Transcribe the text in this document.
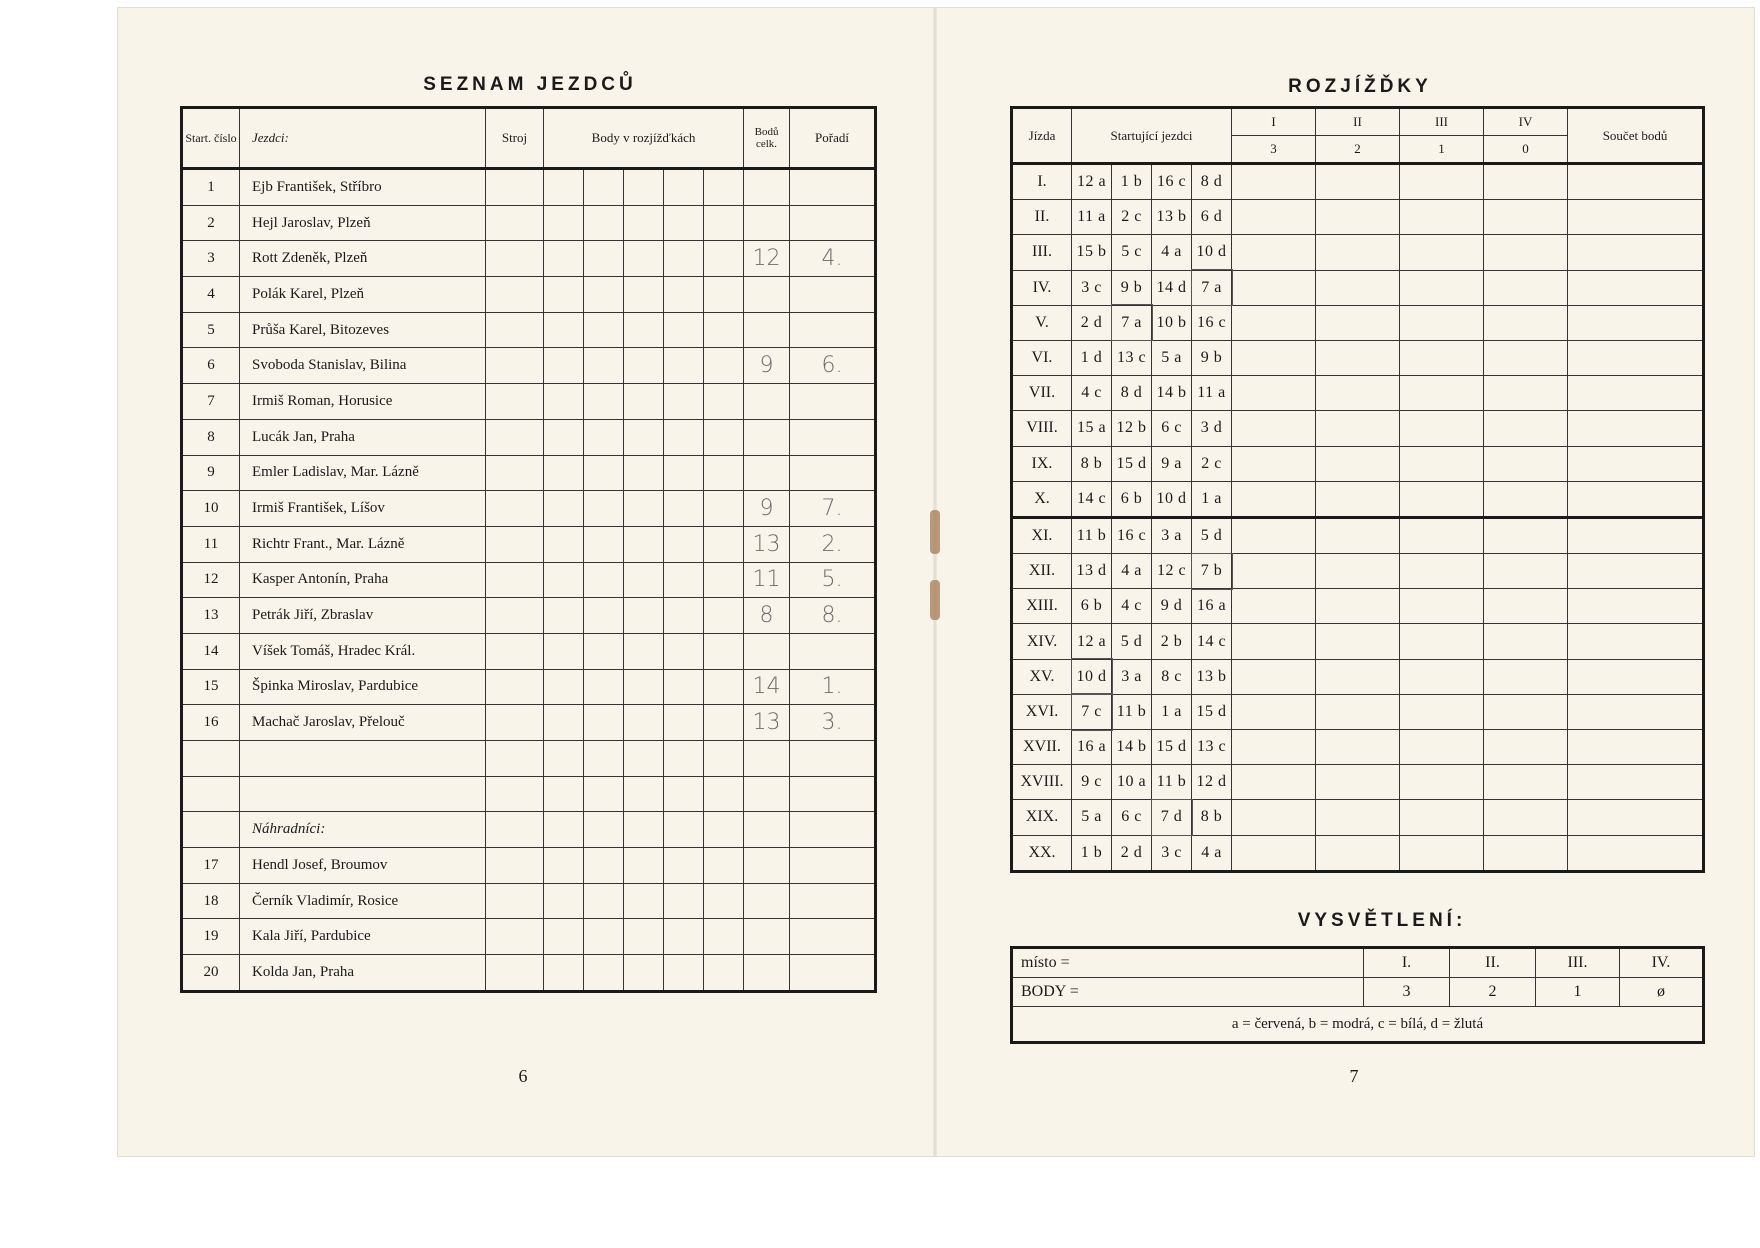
SEZNAM JEZDCŮ
Start. číslo	Jezdci:	Stroj	Body v rozjížďkách					Bodů celk.	Pořadí
1	Ejb František, Stříbro								
2	Hejl Jaroslav, Plzeň								
3	Rott Zdeněk, Plzeň							12	4.
4	Polák Karel, Plzeň								
5	Průša Karel, Bitozeves								
6	Svoboda Stanislav, Bilina							9	6.
7	Irmiš Roman, Horusice								
8	Lucák Jan, Praha								
9	Emler Ladislav, Mar. Lázně								
10	Irmiš František, Líšov							9	7.
11	Richtr Frant., Mar. Lázně							13	2.
12	Kasper Antonín, Praha							11	5.
13	Petrák Jiří, Zbraslav							8	8.
14	Víšek Tomáš, Hradec Král.								
15	Špinka Miroslav, Pardubice							14	1.
16	Machač Jaroslav, Přelouč							13	3.

	Náhradníci:								
17	Hendl Josef, Broumov								
18	Černík Vladimír, Rosice								
19	Kala Jiří, Pardubice								
20	Kolda Jan, Praha								
6
ROZJÍŽĎKY
Jízda	Startující jezdci				I	II	III	IV	Součet bodů
					3	2	1	0	
I.	12 a	1 b	16 c	8 d					
II.	11 a	2 c	13 b	6 d					
III.	15 b	5 c	4 a	10 d					
IV.	3 c	9 b	14 d	7 a					
V.	2 d	7 a	10 b	16 c					
VI.	1 d	13 c	5 a	9 b					
VII.	4 c	8 d	14 b	11 a					
VIII.	15 a	12 b	6 c	3 d					
IX.	8 b	15 d	9 a	2 c					
X.	14 c	6 b	10 d	1 a					
XI.	11 b	16 c	3 a	5 d					
XII.	13 d	4 a	12 c	7 b					
XIII.	6 b	4 c	9 d	16 a					
XIV.	12 a	5 d	2 b	14 c					
XV.	10 d	3 a	8 c	13 b					
XVI.	7 c	11 b	1 a	15 d					
XVII.	16 a	14 b	15 d	13 c					
XVIII.	9 c	10 a	11 b	12 d					
XIX.	5 a	6 c	7 d	8 b					
XX.	1 b	2 d	3 c	4 a					
VYSVĚTLENÍ:
místo =	I.	II.	III.	IV.
BODY =	3	2	1	ø
a = červená, b = modrá, c = bílá, d = žlutá				
7
